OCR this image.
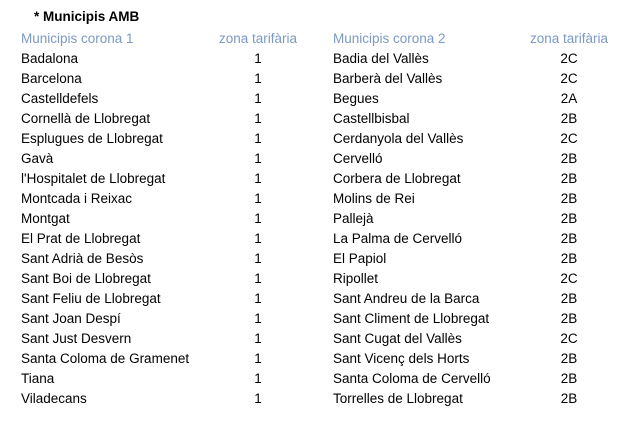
* Municipis AMB
Municipis corona 1	zona tarifària	Municipis corona 2	zona tarifària
Badalona	1	Badia del Vallès	2C
Barcelona	1	Barberà del Vallès	2C
Castelldefels	1	Begues	2A
Cornellà de Llobregat	1	Castellbisbal	2B
Esplugues de Llobregat	1	Cerdanyola del Vallès	2C
Gavà	1	Cervelló	2B
l'Hospitalet de Llobregat	1	Corbera de Llobregat	2B
Montcada i Reixac	1	Molins de Rei	2B
Montgat	1	Pallejà	2B
El Prat de Llobregat	1	La Palma de Cervelló	2B
Sant Adrià de Besòs	1	El Papiol	2B
Sant Boi de Llobregat	1	Ripollet	2C
Sant Feliu de Llobregat	1	Sant Andreu de la Barca	2B
Sant Joan Despí	1	Sant Climent de Llobregat	2B
Sant Just Desvern	1	Sant Cugat del Vallès	2C
Santa Coloma de Gramenet	1	Sant Vicenç dels Horts	2B
Tiana	1	Santa Coloma de Cervelló	2B
Viladecans	1	Torrelles de Llobregat	2B
